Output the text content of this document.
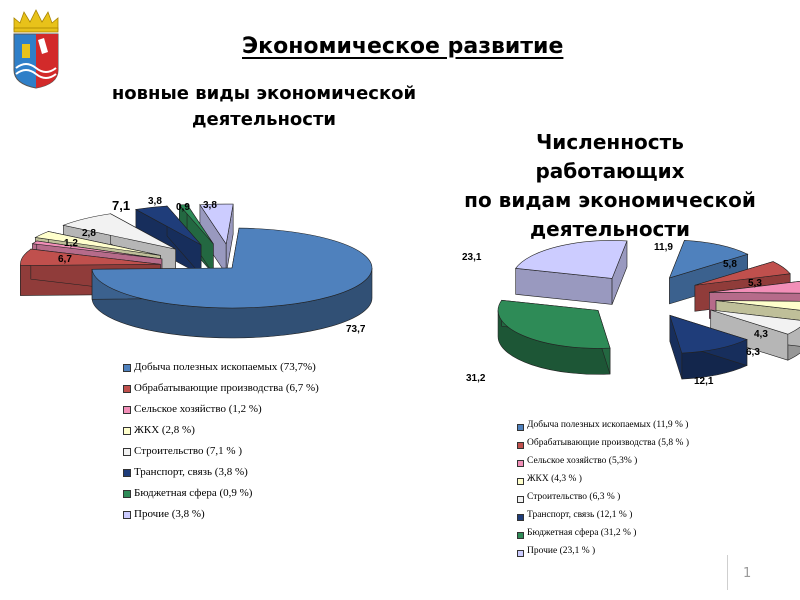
Экономическое развитие
новные виды экономической
деятельности
Численность
работающих
по видам экономической
деятельности
73,7
6,7
1,2
2,8
7,1 3,8
0,9 3,8
11,9
5,8
5,3
4,3
6,3
12,1
31,2
23,1
Добыча полезных ископаемых (73,7%)
Обрабатывающие производства (6,7 %)
Сельское хозяйство (1,2 %)
ЖКХ (2,8 %)
Строительство (7,1 % )
Транспорт, связь (3,8 %)
Бюджетная сфера (0,9 %)
Прочие (3,8 %)
Добыча полезных ископаемых (11,9 % )
Обрабатывающие производства (5,8 % )
Сельское хозяйство (5,3% )
ЖКХ (4,3 % )
Строительство (6,3 % )
Транспорт, связь (12,1 % )
Бюджетная сфера (31,2 % )
Прочие (23,1 % )
1
